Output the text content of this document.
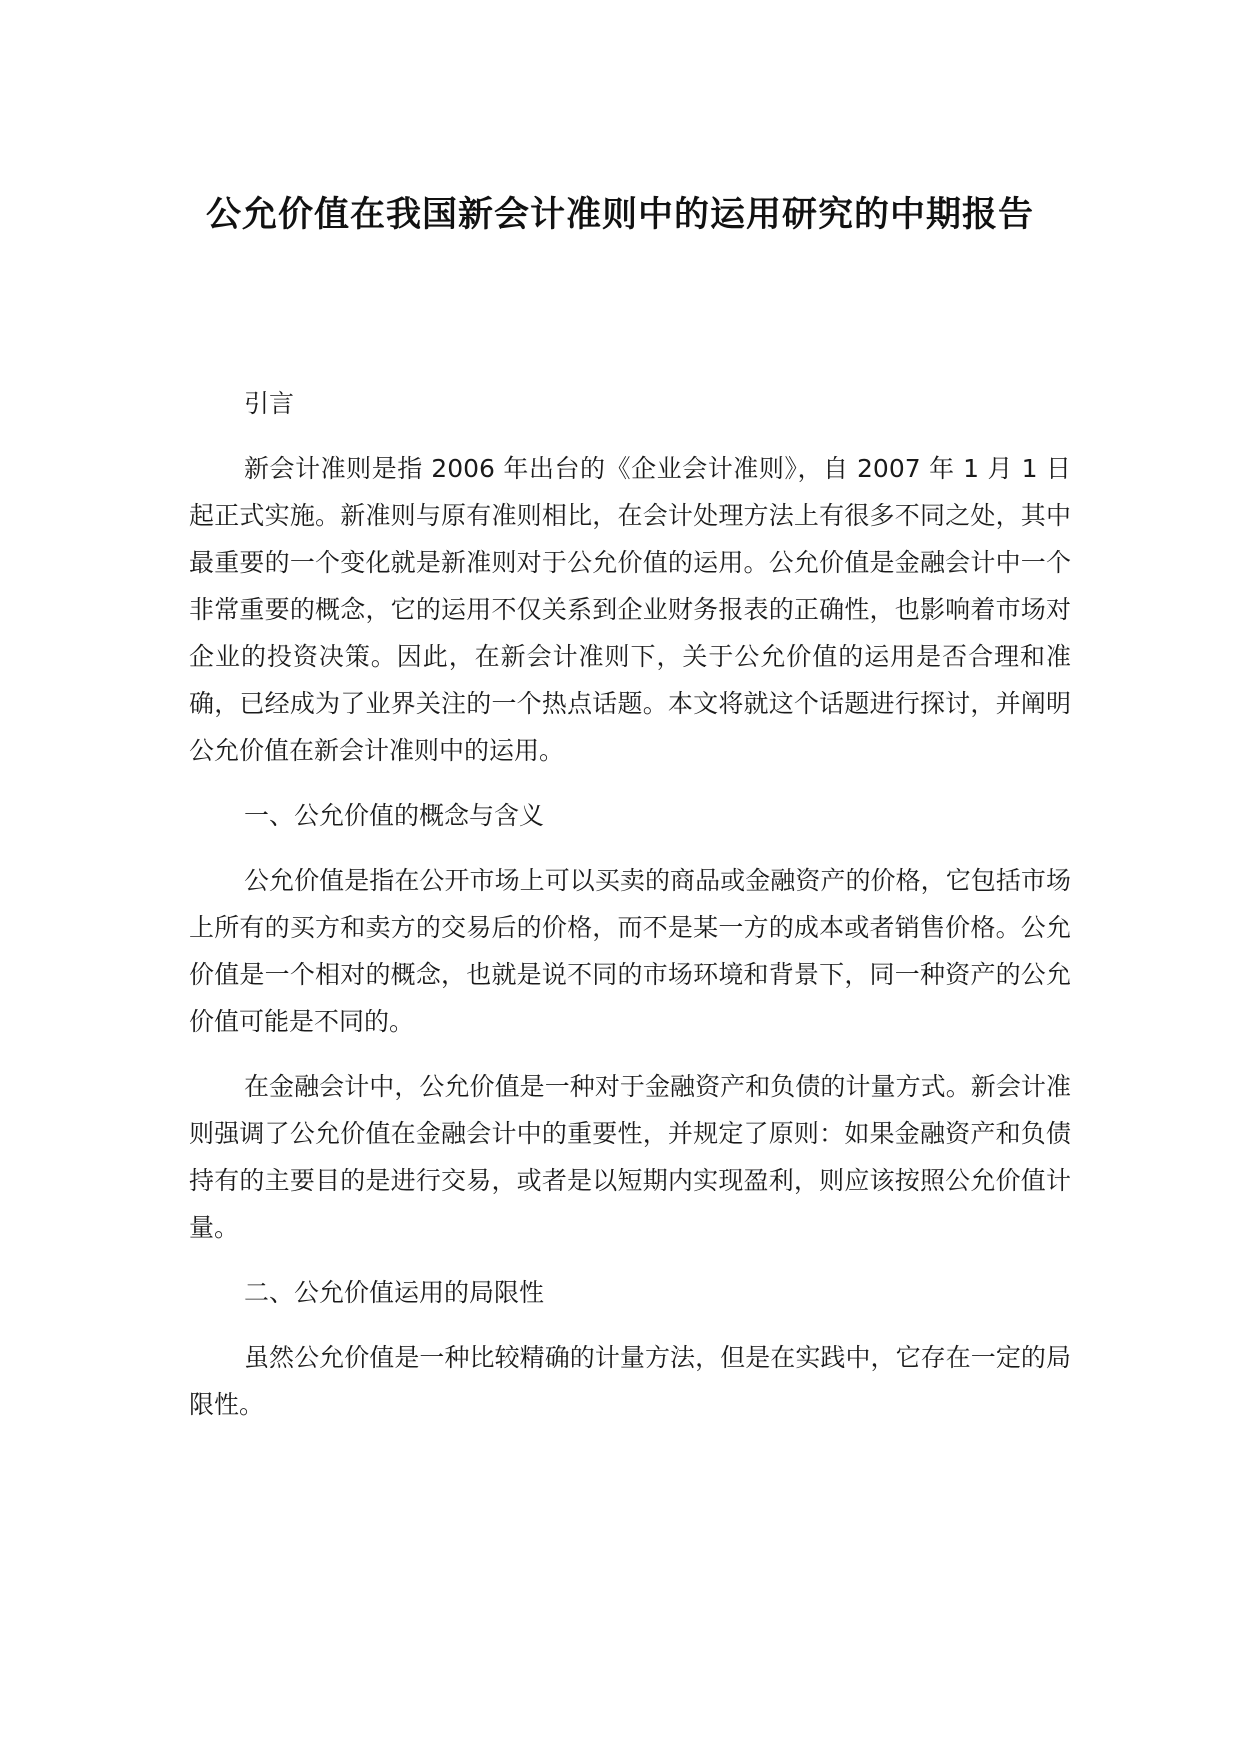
公允价值在我国新会计准则中的运用研究的中期报告

引言

新会计准则是指 2006 年出台的《企业会计准则》，自 2007 年 1 月 1 日起正式实施。新准则与原有准则相比，在会计处理方法上有很多不同之处，其中最重要的一个变化就是新准则对于公允价值的运用。公允价值是金融会计中一个非常重要的概念，它的运用不仅关系到企业财务报表的正确性，也影响着市场对企业的投资决策。因此，在新会计准则下，关于公允价值的运用是否合理和准确，已经成为了业界关注的一个热点话题。本文将就这个话题进行探讨，并阐明公允价值在新会计准则中的运用。

一、公允价值的概念与含义

公允价值是指在公开市场上可以买卖的商品或金融资产的价格，它包括市场上所有的买方和卖方的交易后的价格，而不是某一方的成本或者销售价格。公允价值是一个相对的概念，也就是说不同的市场环境和背景下，同一种资产的公允价值可能是不同的。

在金融会计中，公允价值是一种对于金融资产和负债的计量方式。新会计准则强调了公允价值在金融会计中的重要性，并规定了原则：如果金融资产和负债持有的主要目的是进行交易，或者是以短期内实现盈利，则应该按照公允价值计量。

二、公允价值运用的局限性

虽然公允价值是一种比较精确的计量方法，但是在实践中，它存在一定的局限性。
